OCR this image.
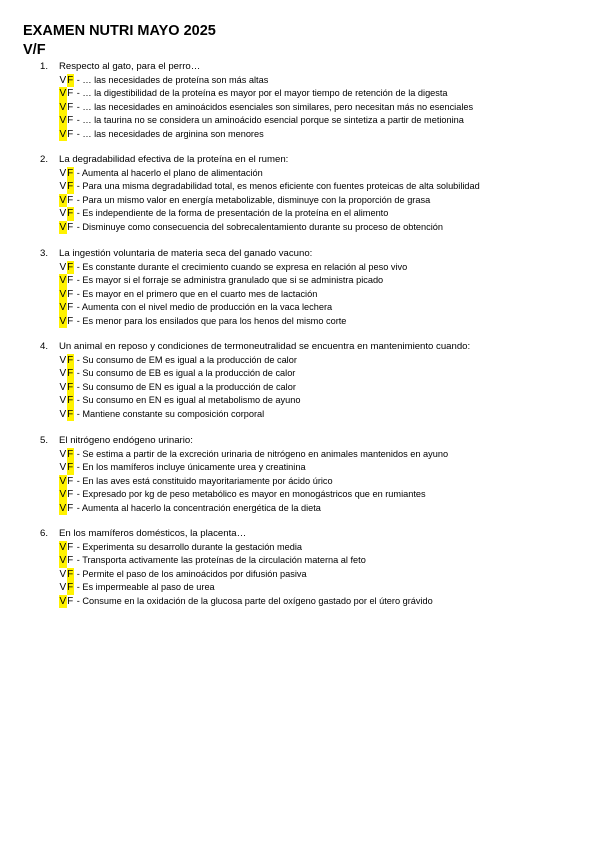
EXAMEN NUTRI MAYO 2025
V/F
1. Respecto al gato, para el perro…
VF - … las necesidades de proteína son más altas
VF - … la digestibilidad de la proteína es mayor por el mayor tiempo de retención de la digesta
VF - … las necesidades en aminoácidos esenciales son similares, pero necesitan más no esenciales
VF - … la taurina no se considera un aminoácido esencial porque se sintetiza a partir de metionina
VF - … las necesidades de arginina son menores
2. La degradabilidad efectiva de la proteína en el rumen:
VF - Aumenta al hacerlo el plano de alimentación
VF - Para una misma degradabilidad total, es menos eficiente con fuentes proteicas de alta solubilidad
VF - Para un mismo valor en energía metabolizable, disminuye con la proporción de grasa
VF - Es independiente de la forma de presentación de la proteína en el alimento
VF - Disminuye como consecuencia del sobrecalentamiento durante su proceso de obtención
3. La ingestión voluntaria de materia seca del ganado vacuno:
VF - Es constante durante el crecimiento cuando se expresa en relación al peso vivo
VF - Es mayor si el forraje se administra granulado que si se administra picado
VF - Es mayor en el primero que en el cuarto mes de lactación
VF - Aumenta con el nivel medio de producción en la vaca lechera
VF - Es menor para los ensilados que para los henos del mismo corte
4. Un animal en reposo y condiciones de termoneutralidad se encuentra en mantenimiento cuando:
VF - Su consumo de EM es igual a la producción de calor
VF - Su consumo de EB es igual a la producción de calor
VF - Su consumo de EN es igual a la producción de calor
VF - Su consumo en EN es igual al metabolismo de ayuno
VF - Mantiene constante su composición corporal
5. El nitrógeno endógeno urinario:
VF - Se estima a partir de la excreción urinaria de nitrógeno en animales mantenidos en ayuno
VF - En los mamíferos incluye únicamente urea y creatinina
VF - En las aves está constituido mayoritariamente por ácido úrico
VF - Expresado por kg de peso metabólico es mayor en monogástricos que en rumiantes
VF - Aumenta al hacerlo la concentración energética de la dieta
6. En los mamíferos domésticos, la placenta…
VF - Experimenta su desarrollo durante la gestación media
VF - Transporta activamente las proteínas de la circulación materna al feto
VF - Permite el paso de los aminoácidos por difusión pasiva
VF - Es impermeable al paso de urea
VF - Consume en la oxidación de la glucosa parte del oxígeno gastado por el útero grávido
